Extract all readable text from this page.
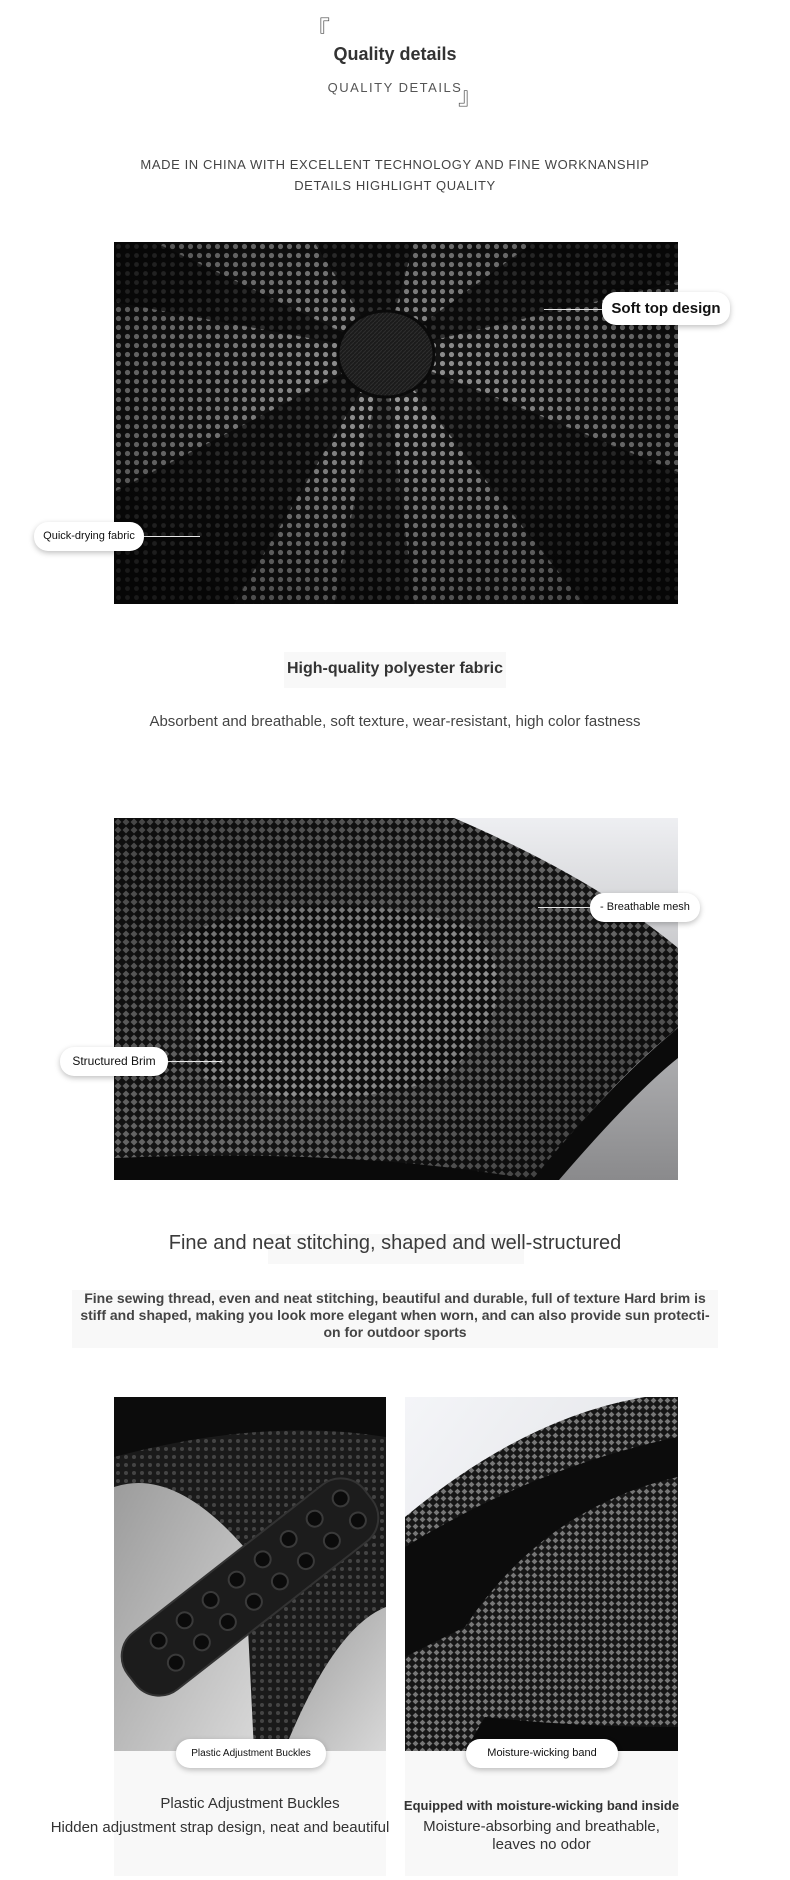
『
Quality details
QUALITY DETAILS
』
MADE IN CHINA WITH EXCELLENT TECHNOLOGY AND FINE WORKNANSHIP
DETAILS HIGHLIGHT QUALITY
Soft top design
Quick-drying fabric
High-quality polyester fabric
Absorbent and breathable, soft texture, wear-resistant, high color fastness
- Breathable mesh
Structured Brim
Fine and neat stitching, shaped and well-structured
Fine sewing thread, even and neat stitching, beautiful and durable, full of texture Hard brim is
stiff and shaped, making you look more elegant when worn, and can also provide sun protecti-
on for outdoor sports
Plastic Adjustment Buckles	Moisture-wicking band
Plastic Adjustment Buckles
Hidden adjustment strap design, neat and beautiful
Equipped with moisture-wicking band inside
Moisture-absorbing and breathable,
leaves no odor
